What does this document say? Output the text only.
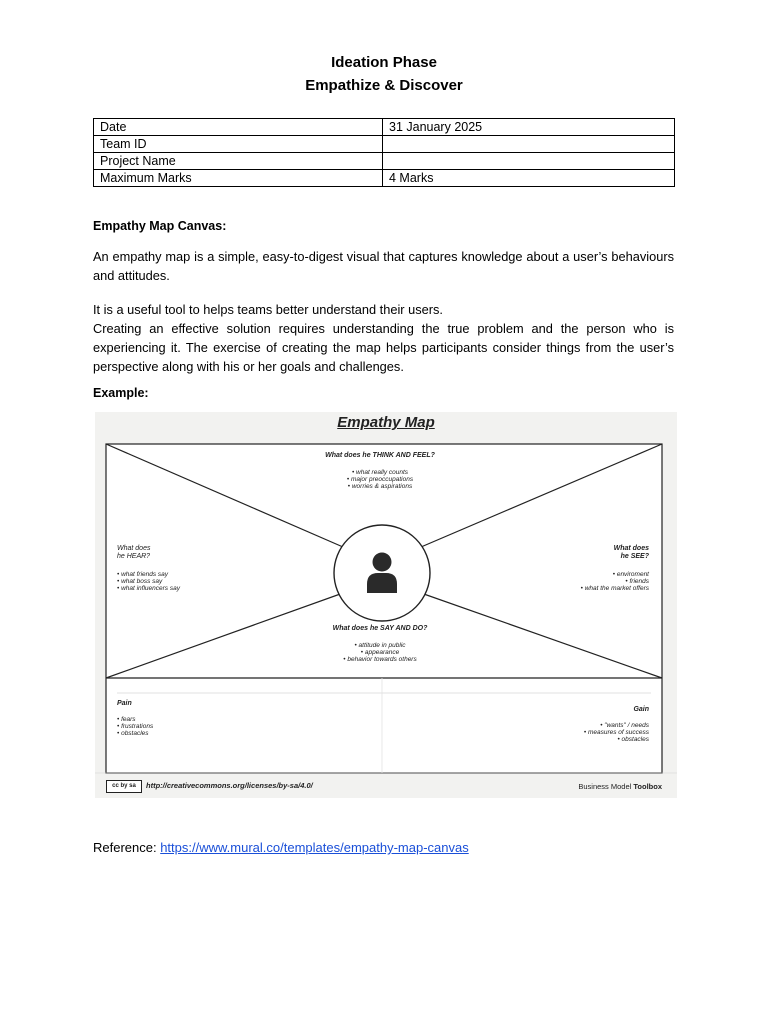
Ideation Phase
Empathize & Discover
Date	31 January 2025
Team ID	
Project Name	
Maximum Marks	4 Marks
Empathy Map Canvas:
An empathy map is a simple, easy-to-digest visual that captures knowledge about a user’s behaviours and attitudes.
It is a useful tool to helps teams better understand their users.
Creating an effective solution requires understanding the true problem and the person who is experiencing it. The exercise of creating the map helps participants consider things from the user’s perspective along with his or her goals and challenges.
Example:
Empathy Map
What does he THINK AND FEEL?
• what really counts
• major preoccupations
• worries & aspirations
What does
he HEAR?
• what friends say
• what boss say
• what influencers say
What does
he SEE?
• enviroment
• friends
• what the market offers
What does he SAY AND DO?
• attitude in public
• appearance
• behavior towards others
Pain
• fears
• frustrations
• obstacles
Gain
• "wants" / needs
• measures of success
• obstacles
cc by sa	http://creativecommons.org/licenses/by-sa/4.0/	Business Model Toolbox
Reference: https://www.mural.co/templates/empathy-map-canvas
